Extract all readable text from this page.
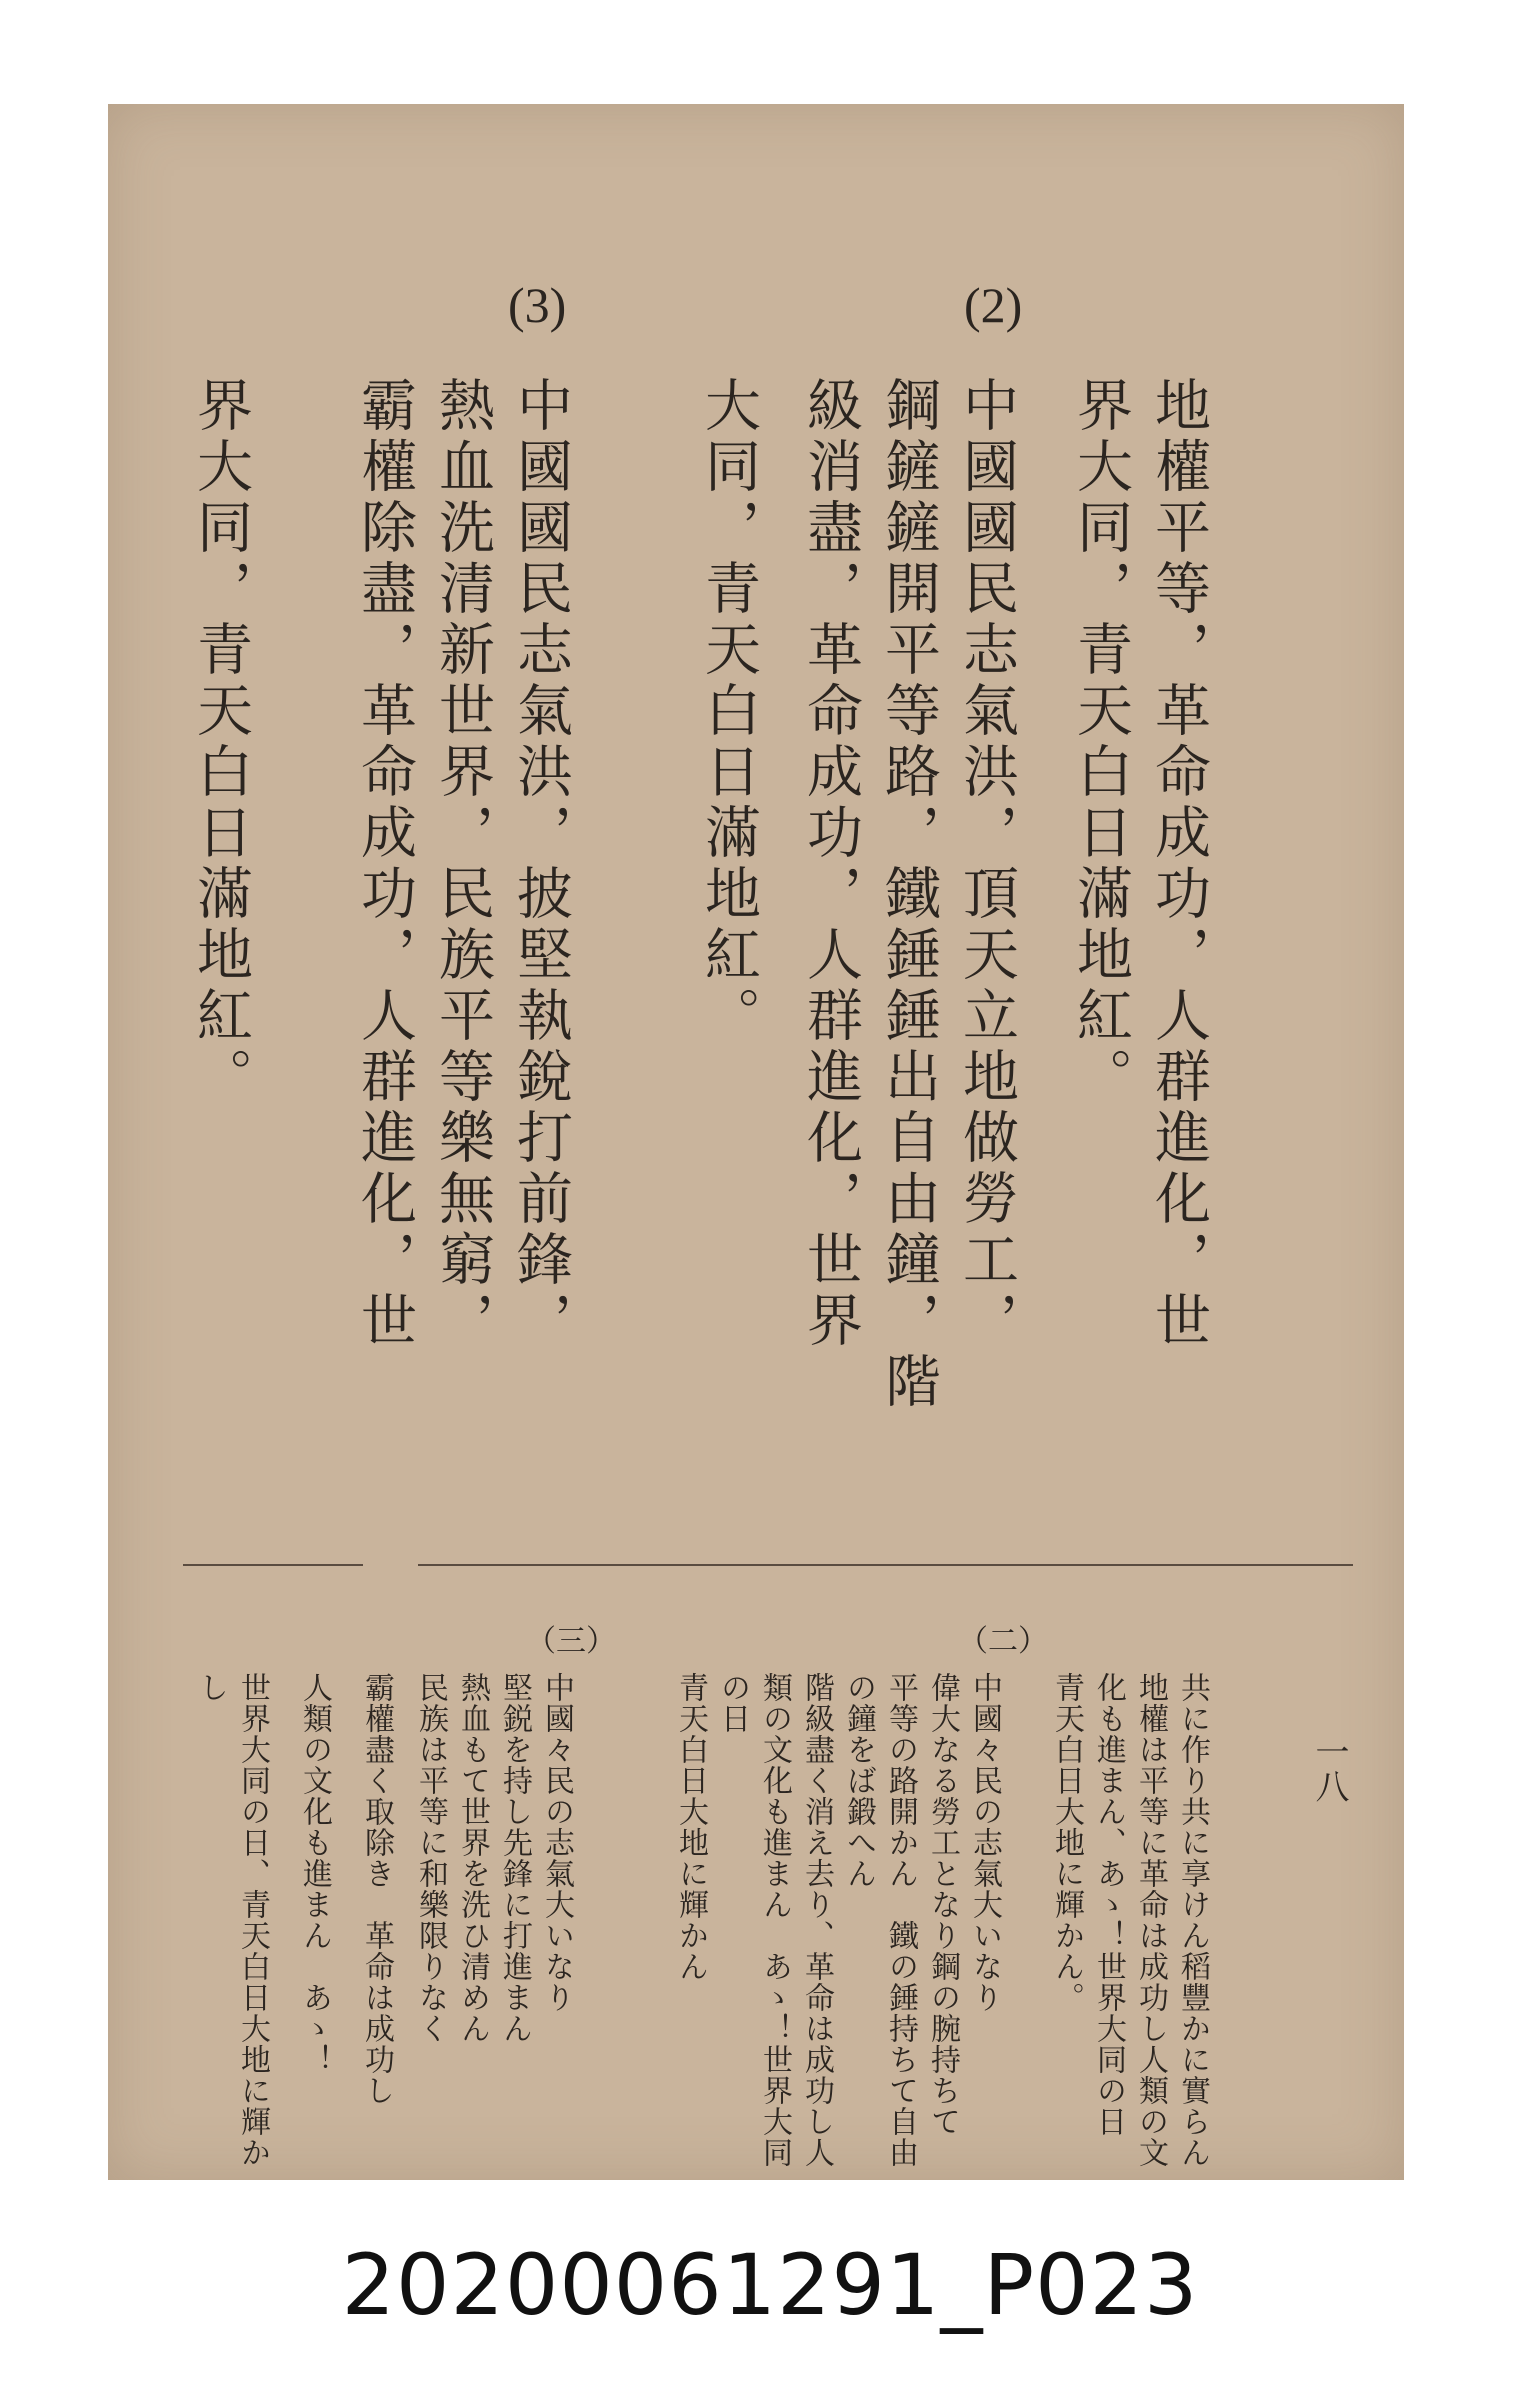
(2)
(3)
地權平等，革命成功，人群進化，世
界大同，青天白日滿地紅。
中國國民志氣洪，頂天立地做勞工，
鋼鏟鏟開平等路，鐵錘錘出自由鐘，階
級消盡，革命成功，人群進化，世界
大同，青天白日滿地紅。
中國國民志氣洪，披堅執銳打前鋒，
熱血洗清新世界，民族平等樂無窮，
霸權除盡，革命成功，人群進化，世
界大同，青天白日滿地紅。
（二）
（三）
一八
共に作り共に享けん稻豐かに實らん
地權は平等に革命は成功し人類の文
化も進まん、あゝ！世界大同の日
青天白日大地に輝かん。
中國々民の志氣大いなり
偉大なる勞工となり鋼の腕持ちて
平等の路開かん　鐵の錘持ちて自由
の鐘をば鍛へん
階級盡く消え去り、革命は成功し人
類の文化も進まん　あゝ！世界大同
の日
青天白日大地に輝かん
中國々民の志氣大いなり
堅鋭を持し先鋒に打進まん
熱血もて世界を洗ひ清めん
民族は平等に和樂限りなく
霸權盡く取除き　革命は成功し
人類の文化も進まん　あゝ！
世界大同の日、青天白日大地に輝か
し
20200061291_P023
